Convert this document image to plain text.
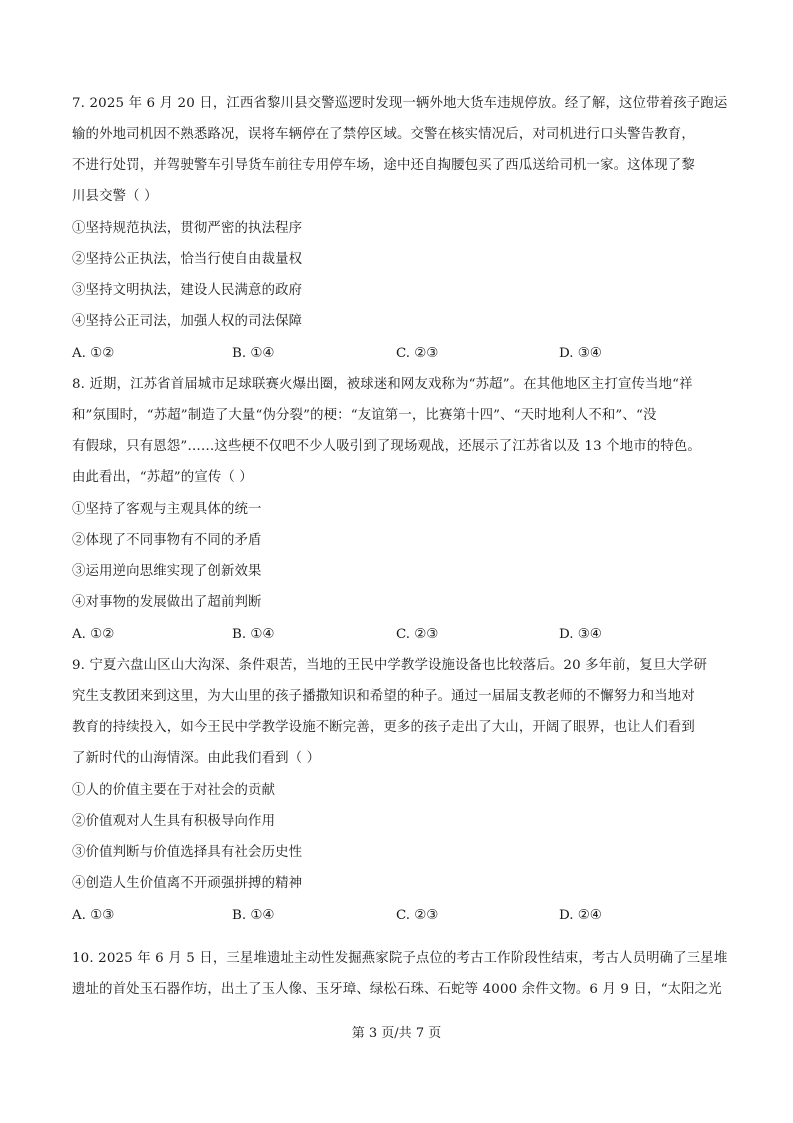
7. 2025 年 6 月 20 日，江西省黎川县交警巡逻时发现一辆外地大货车违规停放。经了解，这位带着孩子跑运
输的外地司机因不熟悉路况，误将车辆停在了禁停区域。交警在核实情况后，对司机进行口头警告教育，
不进行处罚，并驾驶警车引导货车前往专用停车场，途中还自掏腰包买了西瓜送给司机一家。这体现了黎
川县交警（ ）
①坚持规范执法，贯彻严密的执法程序
②坚持公正执法，恰当行使自由裁量权
③坚持文明执法，建设人民满意的政府
④坚持公正司法，加强人权的司法保障
A. ①②	B. ①④	C. ②③	D. ③④
8. 近期，江苏省首届城市足球联赛火爆出圈，被球迷和网友戏称为“苏超”。在其他地区主打宣传当地“祥
和”氛围时，“苏超”制造了大量“伪分裂”的梗：“友谊第一，比赛第十四”、“天时地利人不和”、“没
有假球，只有恩怨”……这些梗不仅吧不少人吸引到了现场观战，还展示了江苏省以及 13 个地市的特色。
由此看出，“苏超”的宣传（ ）
①坚持了客观与主观具体的统一
②体现了不同事物有不同的矛盾
③运用逆向思维实现了创新效果
④对事物的发展做出了超前判断
A. ①②	B. ①④	C. ②③	D. ③④
9. 宁夏六盘山区山大沟深、条件艰苦，当地的王民中学教学设施设备也比较落后。20 多年前，复旦大学研
究生支教团来到这里，为大山里的孩子播撒知识和希望的种子。通过一届届支教老师的不懈努力和当地对
教育的持续投入，如今王民中学教学设施不断完善，更多的孩子走出了大山，开阔了眼界，也让人们看到
了新时代的山海情深。由此我们看到（ ）
①人的价值主要在于对社会的贡献
②价值观对人生具有积极导向作用
③价值判断与价值选择具有社会历史性
④创造人生价值离不开顽强拼搏的精神
A. ①③	B. ①④	C. ②③	D. ②④
10. 2025 年 6 月 5 日，三星堆遗址主动性发掘燕家院子点位的考古工作阶段性结束，考古人员明确了三星堆
遗址的首处玉石器作坊，出土了玉人像、玉牙璋、绿松石珠、石蛇等 4000 余件文物。6 月 9 日，“太阳之光
第 3 页/共 7 页
